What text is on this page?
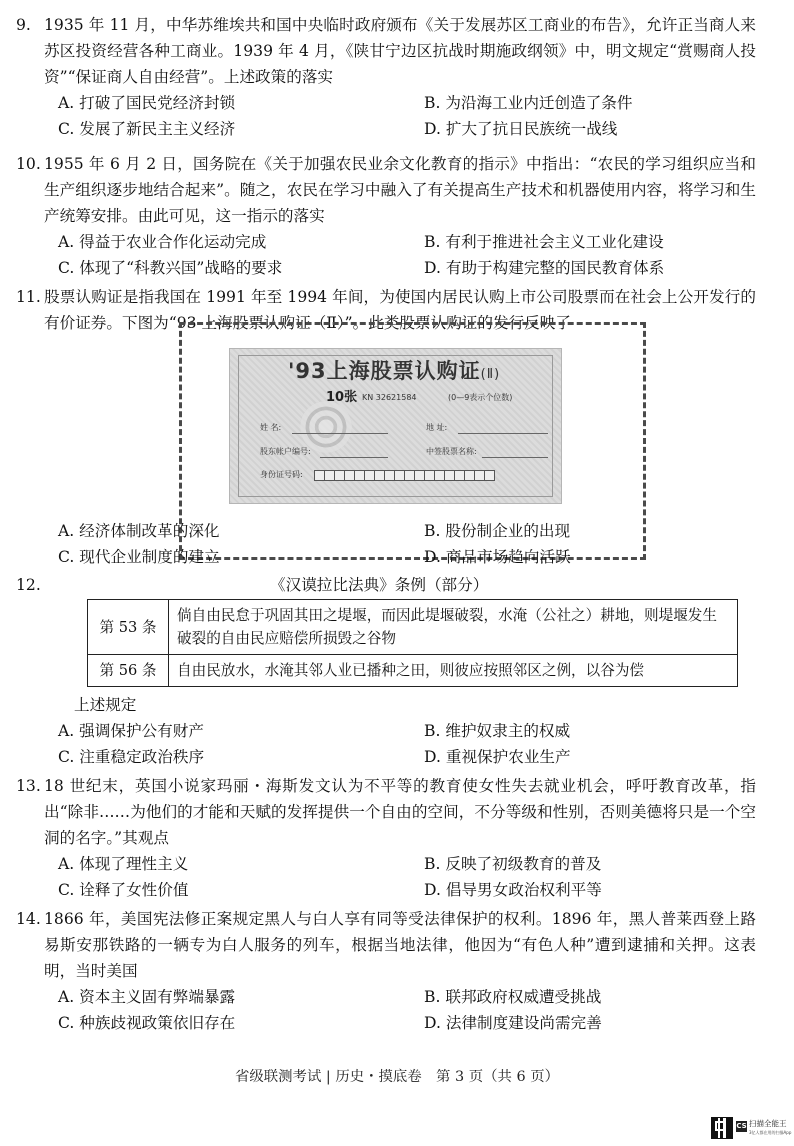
9. 1935 年 11 月，中华苏维埃共和国中央临时政府颁布《关于发展苏区工商业的布告》，允许正当商人来苏区投资经营各种工商业。1939 年 4 月，《陕甘宁边区抗战时期施政纲领》中，明文规定“赏赐商人投资”“保证商人自由经营”。上述政策的落实

A. 打破了国民党经济封锁	B. 为沿海工业内迁创造了条件
C. 发展了新民主主义经济	D. 扩大了抗日民族统一战线

10. 1955 年 6 月 2 日，国务院在《关于加强农民业余文化教育的指示》中指出：“农民的学习组织应当和生产组织逐步地结合起来”。随之，农民在学习中融入了有关提高生产技术和机器使用内容，将学习和生产统筹安排。由此可见，这一指示的落实

A. 得益于农业合作化运动完成	B. 有利于推进社会主义工业化建设
C. 体现了“科教兴国”战略的要求	D. 有助于构建完整的国民教育体系

11. 股票认购证是指我国在 1991 年至 1994 年间，为使国内居民认购上市公司股票而在社会上公开发行的有价证券。下图为“93 上海股票认购证（Ⅱ）”。此类股票认购证的发行反映了

'93上海股票认购证(Ⅱ)
10张 KN 32621584	(0—9表示个位数)
姓 名:	地 址:
股东帐户编号:	中签股票名称:
身份证号码:
A. 经济体制改革的深化	B. 股份制企业的出现
C. 现代企业制度的建立	D. 商品市场趋向活跃
12.	《汉谟拉比法典》条例（部分）
第 53 条	倘自由民怠于巩固其田之堤堰，而因此堤堰破裂，水淹（公社之）耕地，则堤堰发生破裂的自由民应赔偿所损毁之谷物
第 56 条	自由民放水，水淹其邻人业已播种之田，则彼应按照邻区之例，以谷为偿

上述规定

A. 强调保护公有财产	B. 维护奴隶主的权威
C. 注重稳定政治秩序	D. 重视保护农业生产

13. 18 世纪末，英国小说家玛丽・海斯发文认为不平等的教育使女性失去就业机会，呼吁教育改革，指出“除非……为他们的才能和天赋的发挥提供一个自由的空间，不分等级和性别，否则美德将只是一个空洞的名字。”其观点

A. 体现了理性主义	B. 反映了初级教育的普及
C. 诠释了女性价值	D. 倡导男女政治权利平等

14. 1866 年，美国宪法修正案规定黑人与白人享有同等受法律保护的权利。1896 年，黑人普莱西登上路易斯安那铁路的一辆专为白人服务的列车，根据当地法律，他因为“有色人种”遭到逮捕和关押。这表明，当时美国

A. 资本主义固有弊端暴露	B. 联邦政府权威遭受挑战
C. 种族歧视政策依旧存在	D. 法律制度建设尚需完善
省级联测考试 | 历史・摸底卷　第 3 页（共 6 页）
CS 扫描全能王
3亿人都在用的扫描App
